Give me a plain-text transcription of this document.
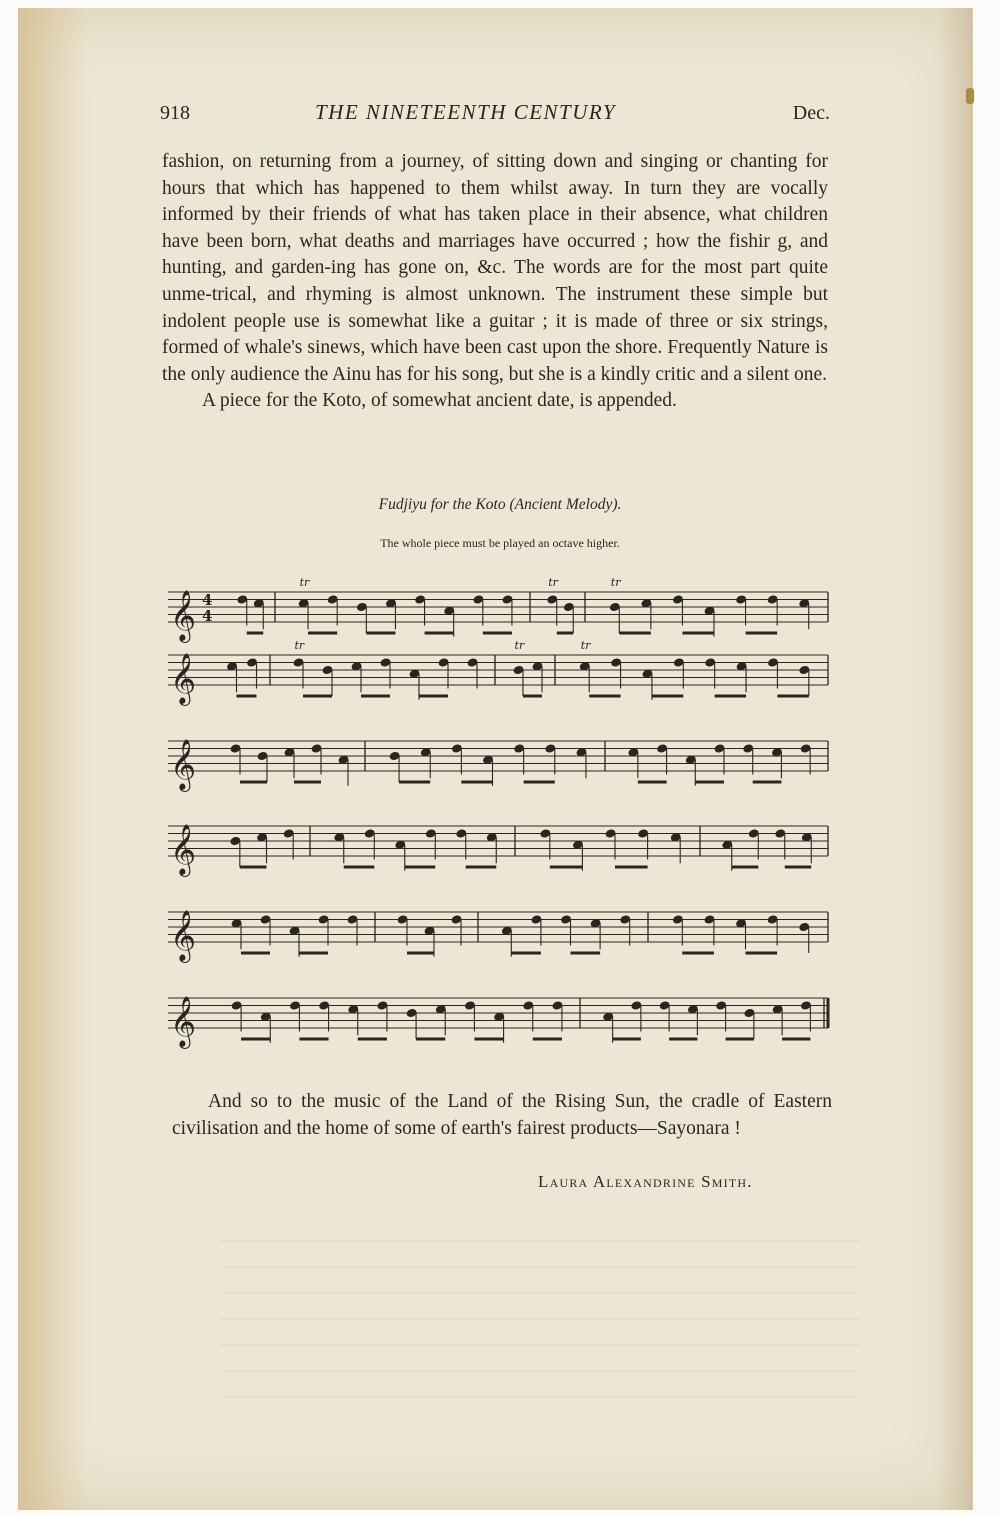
918	THE NINETEENTH CENTURY	Dec.

fashion, on returning from a journey, of sitting down and singing or chanting for hours that which has happened to them whilst away. In turn they are vocally informed by their friends of what has taken place in their absence, what children have been born, what deaths and marriages have occurred ; how the fishir g, and hunting, and garden-ing has gone on, &c. The words are for the most part quite unme-trical, and rhyming is almost unknown. The instrument these simple but indolent people use is somewhat like a guitar ; it is made of three or six strings, formed of whale's sinews, which have been cast upon the shore. Frequently Nature is the only audience the Ainu has for his song, but she is a kindly critic and a silent one.

A piece for the Koto, of somewhat ancient date, is appended.

Fudjiyu for the Koto (Ancient Melody).
The whole piece must be played an octave higher.
𝄞
𝄞
𝄞
𝄞
𝄞
𝄞
tr	tr	tr
tr	tr	tr
4
4

And so to the music of the Land of the Rising Sun, the cradle of Eastern civilisation and the home of some of earth's fairest products—Sayonara !

Laura Alexandrine Smith.
